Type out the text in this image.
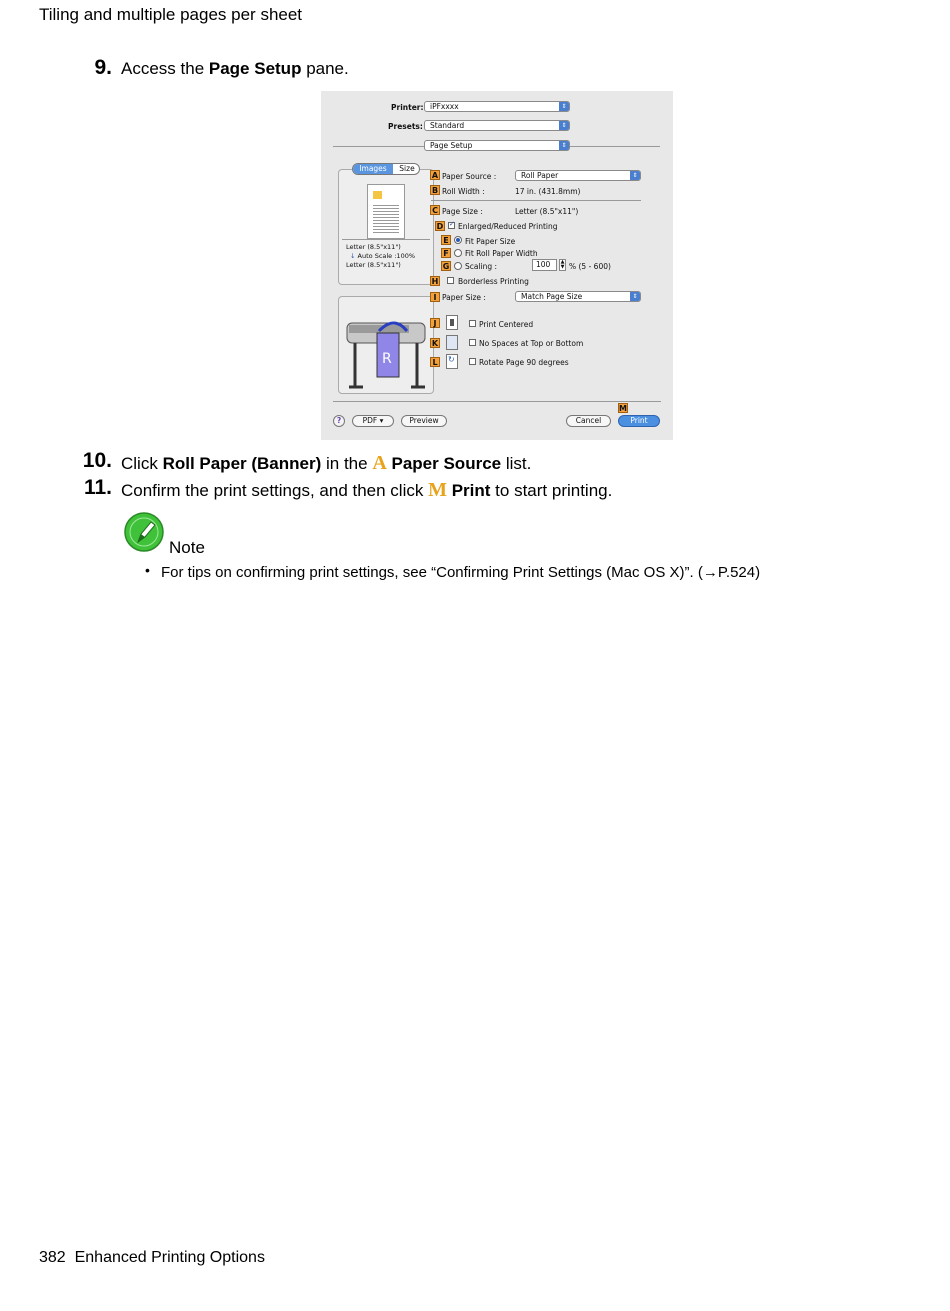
Tiling and multiple pages per sheet
9. Access the Page Setup pane.
Printer: iPFxxxx	⇕
Presets: Standard	⇕
Page Setup	⇕
Images	Size
Letter (8.5"x11")
↓ Auto Scale :100%
Letter (8.5"x11")
R
A Paper Source :	Roll Paper	⇕
B Roll Width :	17 in. (431.8mm)
C Page Size :	Letter (8.5"x11")
D ✓ Enlarged/Reduced Printing
E	Fit Paper Size
F	Fit Roll Paper Width
G Scaling :	100	▲
▼ % (5 - 600)
H	Borderless Printing
I Paper Size :	Match Page Size	⇕
J	Print Centered
K	No Spaces at Top or Bottom
L	↻	Rotate Page 90 degrees
?	PDF ▾	Preview	Cancel
M
Print
10. Click Roll Paper (Banner) in the A Paper Source list.
11. Confirm the print settings, and then click M Print to start printing.
Note
• For tips on confirming print settings, see “Confirming Print Settings (Mac OS X)”. (→P.524)
382 Enhanced Printing Options
